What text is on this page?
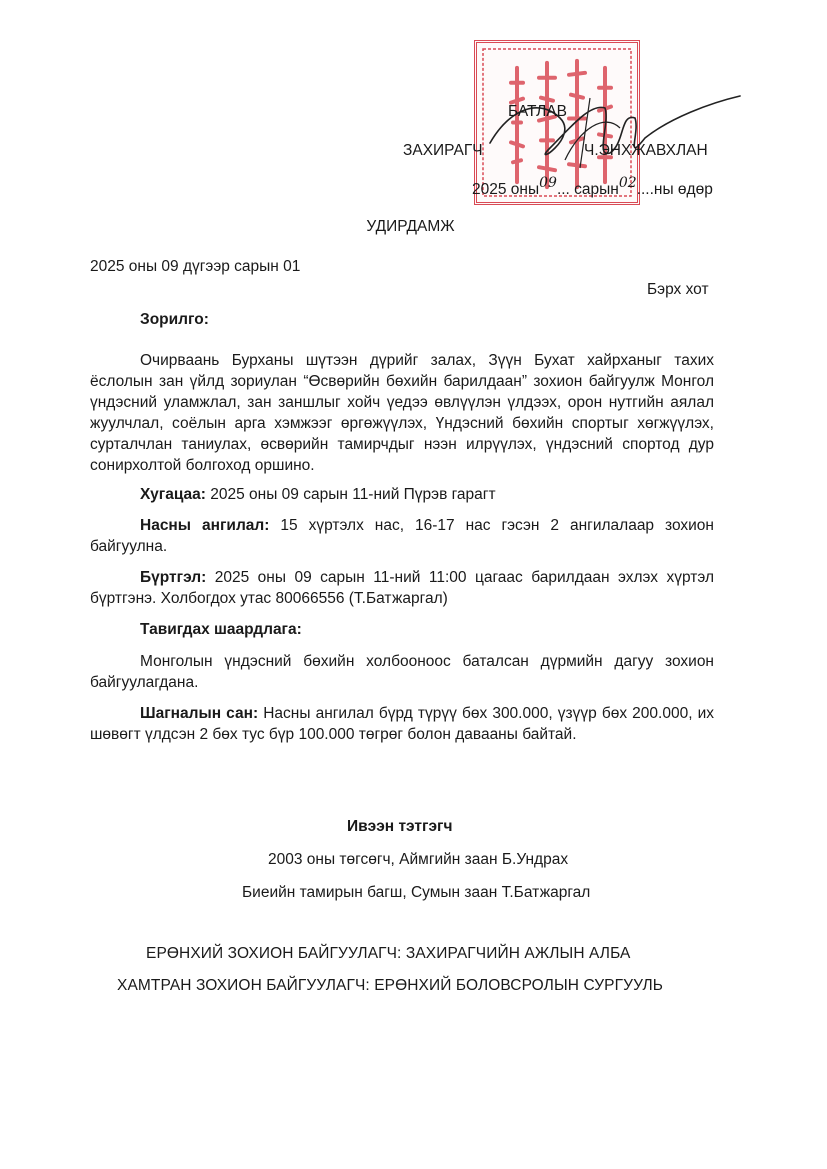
БАТЛАВ
ЗАХИРАГЧ	Ч.ЭНХЖАВХЛАН
2025 оны09... сарын02....ны өдөр
УДИРДАМЖ
2025 оны 09 дүгээр сарын 01
Бэрх хот
Зорилго:
Очирваань Бурханы шүтээн дүрийг залах, Зүүн Бухат хайрханыг тахих ёслолын зан үйлд зориулан “Өсвөрийн бөхийн барилдаан” зохион байгуулж Монгол үндэсний уламжлал, зан заншлыг хойч үедээ өвлүүлэн үлдээх, орон нутгийн аялал жуулчлал, соёлын арга хэмжээг өргөжүүлэх, Үндэсний бөхийн спортыг хөгжүүлэх, сурталчлан таниулах, өсвөрийн тамирчдыг нээн илрүүлэх, үндэсний спортод дур сонирхолтой болгоход оршино.
Хугацаа: 2025 оны 09 сарын 11-ний Пүрэв гарагт
Насны ангилал: 15 хүртэлх нас, 16-17 нас гэсэн 2 ангилалаар зохион байгуулна.
Бүртгэл: 2025 оны 09 сарын 11-ний 11:00 цагаас барилдаан эхлэх хүртэл бүртгэнэ. Холбогдох утас 80066556 (Т.Батжаргал)
Тавигдах шаардлага:
Монголын үндэсний бөхийн холбооноос баталсан дүрмийн дагуу зохион байгуулагдана.
Шагналын сан: Насны ангилал бүрд түрүү бөх 300.000, үзүүр бөх 200.000, их шөвөгт үлдсэн 2 бөх тус бүр 100.000 төгрөг болон давааны байтай.
Ивээн тэтгэгч
2003 оны төгсөгч, Аймгийн заан Б.Ундрах
Биеийн тамирын багш, Сумын заан Т.Батжаргал
ЕРӨНХИЙ ЗОХИОН БАЙГУУЛАГЧ: ЗАХИРАГЧИЙН АЖЛЫН АЛБА
ХАМТРАН ЗОХИОН БАЙГУУЛАГЧ: ЕРӨНХИЙ БОЛОВСРОЛЫН СУРГУУЛЬ
